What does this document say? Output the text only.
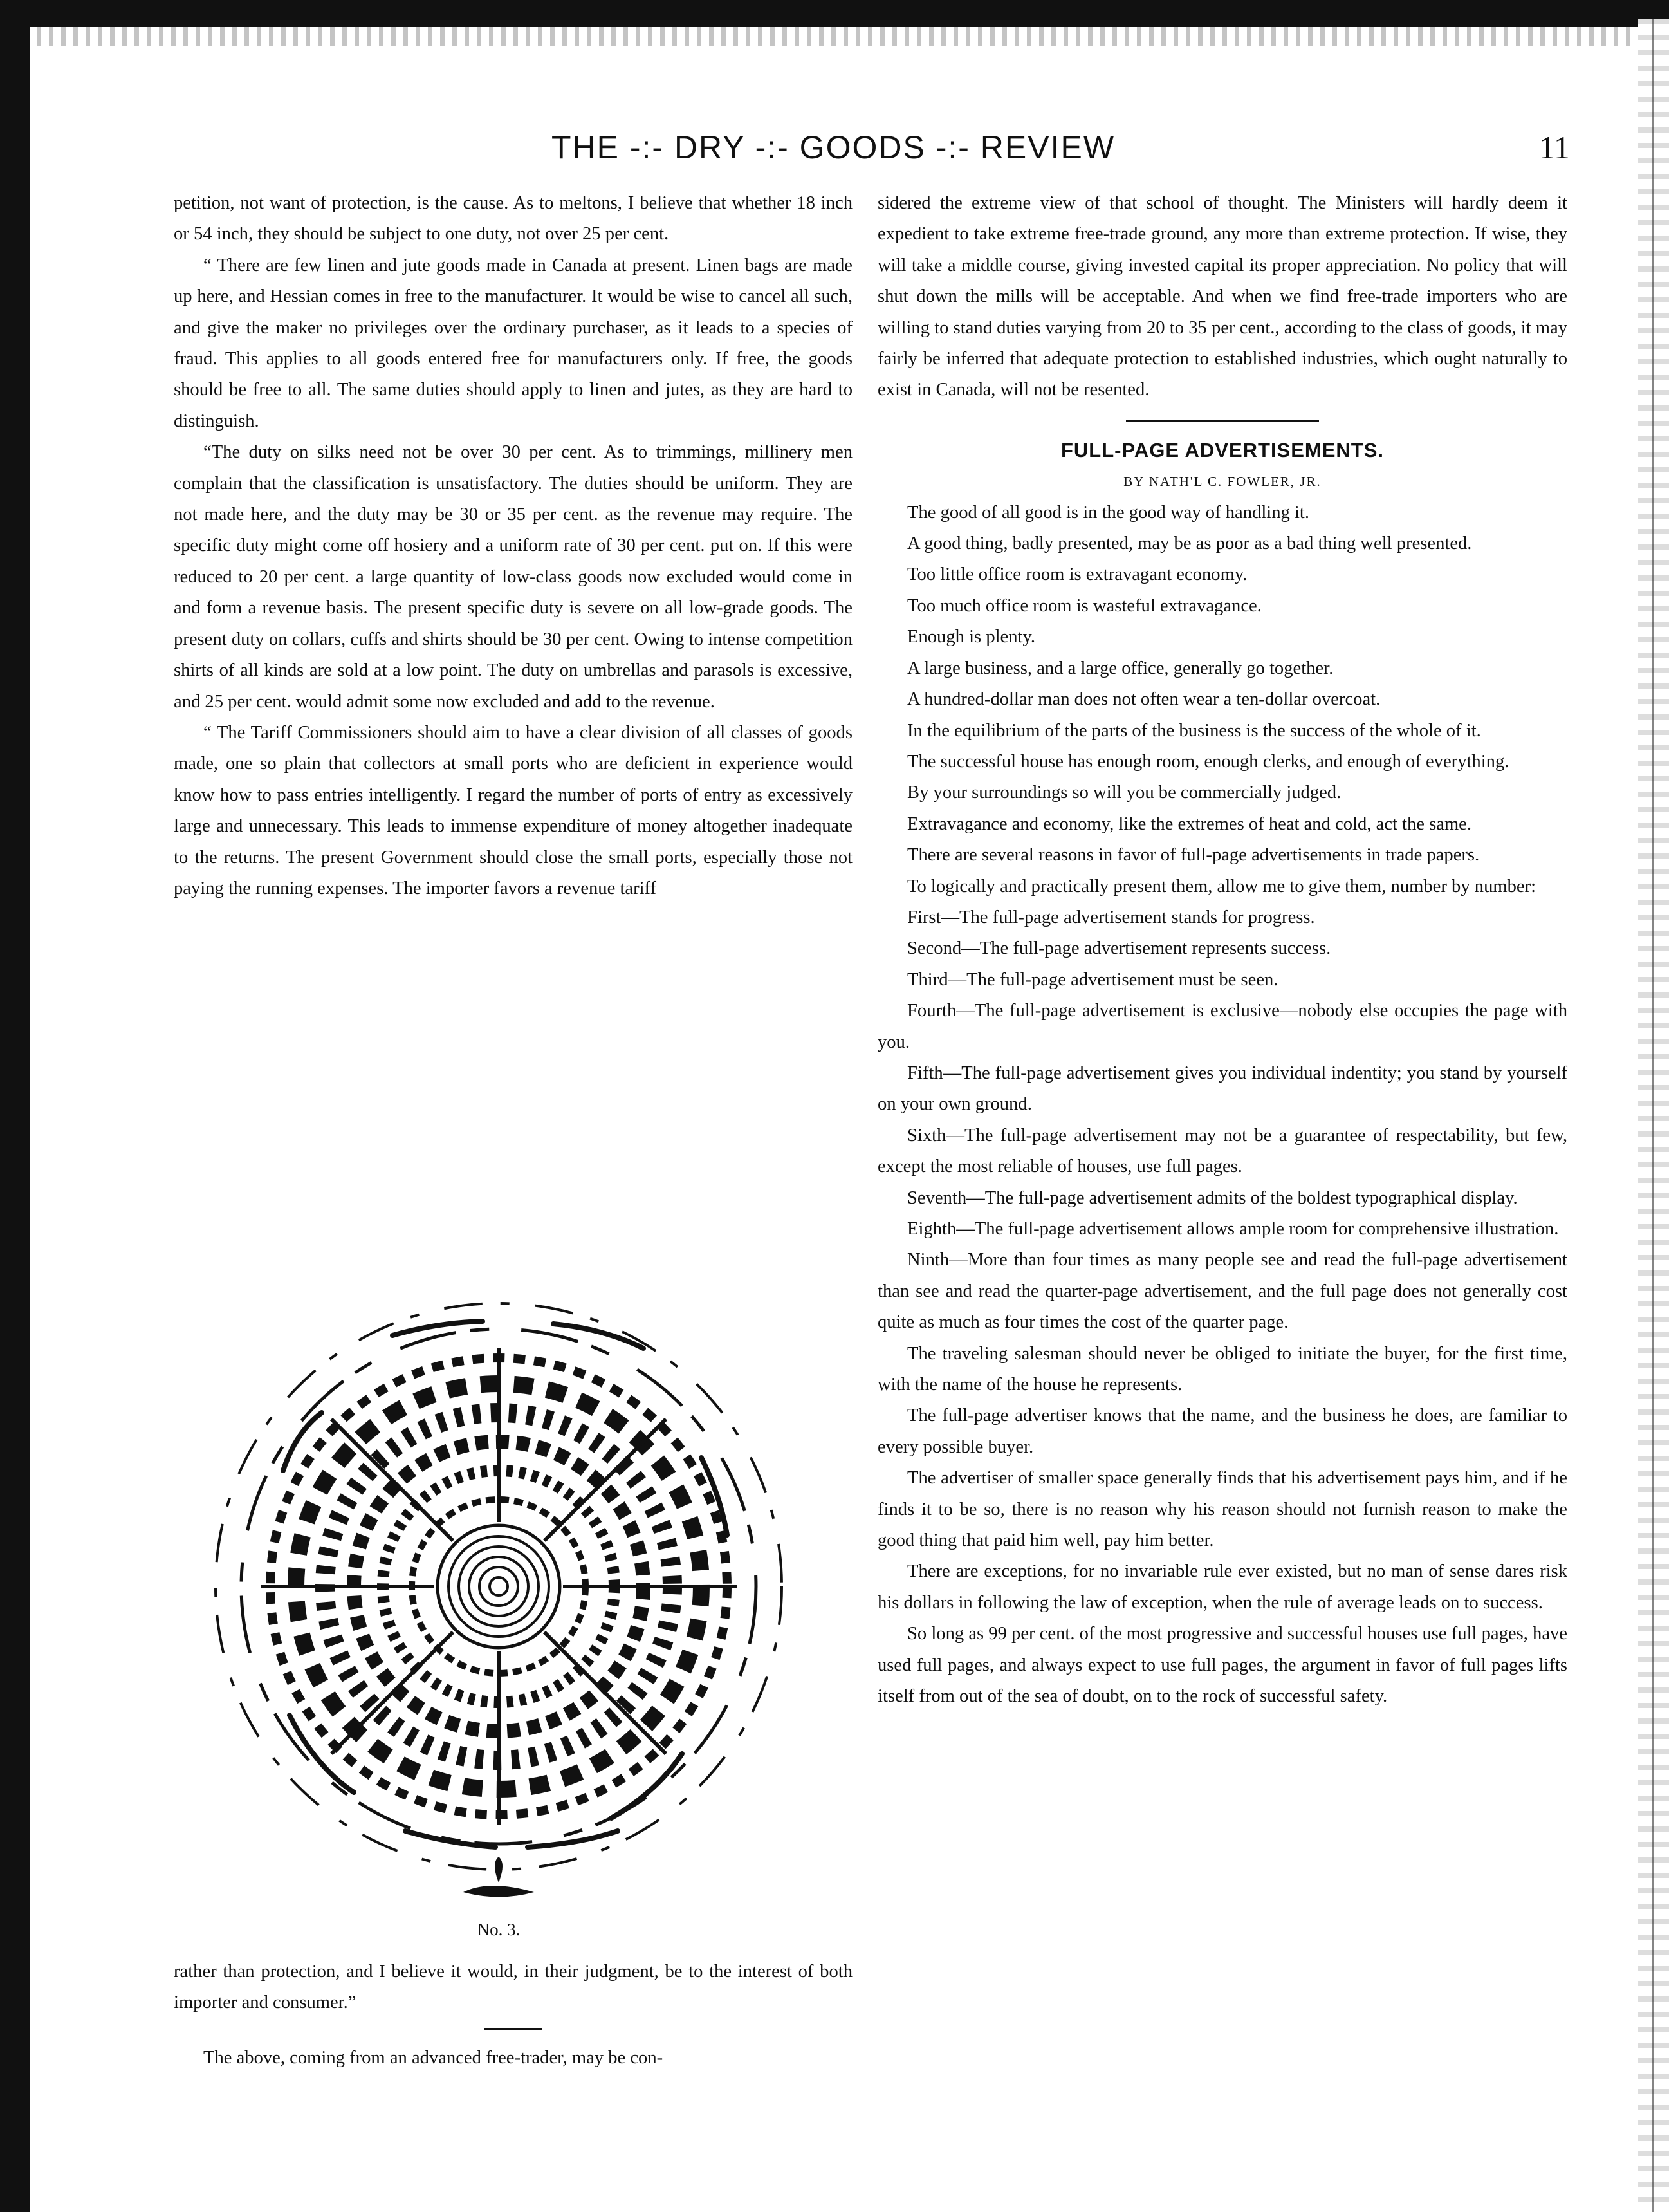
THE -:- DRY -:- GOODS -:- REVIEW	11

petition, not want of protection, is the cause. As to meltons, I believe that whether 18 inch or 54 inch, they should be subject to one duty, not over 25 per cent.

“ There are few linen and jute goods made in Canada at present. Linen bags are made up here, and Hessian comes in free to the manufacturer. It would be wise to cancel all such, and give the maker no privileges over the ordinary purchaser, as it leads to a species of fraud. This applies to all goods entered free for manufacturers only. If free, the goods should be free to all. The same duties should apply to linen and jutes, as they are hard to distinguish.

“The duty on silks need not be over 30 per cent. As to trimmings, millinery men complain that the classification is unsatisfactory. The duties should be uniform. They are not made here, and the duty may be 30 or 35 per cent. as the revenue may require. The specific duty might come off hosiery and a uniform rate of 30 per cent. put on. If this were reduced to 20 per cent. a large quantity of low-class goods now excluded would come in and form a revenue basis. The present specific duty is severe on all low-grade goods. The present duty on collars, cuffs and shirts should be 30 per cent. Owing to intense competition shirts of all kinds are sold at a low point. The duty on umbrellas and parasols is excessive, and 25 per cent. would admit some now excluded and add to the revenue.

“ The Tariff Commissioners should aim to have a clear division of all classes of goods made, one so plain that collectors at small ports who are deficient in experience would know how to pass entries intelligently. I regard the number of ports of entry as excessively large and unnecessary. This leads to immense expenditure of money altogether inadequate to the returns. The present Government should close the small ports, especially those not paying the running expenses. The importer favors a revenue tariff

No. 3.

rather than protection, and I believe it would, in their judgment, be to the interest of both importer and consumer.”

The above, coming from an advanced free-trader, may be con-

sidered the extreme view of that school of thought. The Ministers will hardly deem it expedient to take extreme free-trade ground, any more than extreme protection. If wise, they will take a middle course, giving invested capital its proper appreciation. No policy that will shut down the mills will be acceptable. And when we find free-trade importers who are willing to stand duties varying from 20 to 35 per cent., according to the class of goods, it may fairly be inferred that adequate protection to established industries, which ought naturally to exist in Canada, will not be resented.

FULL-PAGE ADVERTISEMENTS.

BY NATH'L C. FOWLER, JR.

The good of all good is in the good way of handling it.

A good thing, badly presented, may be as poor as a bad thing well presented.

Too little office room is extravagant economy.

Too much office room is wasteful extravagance.

Enough is plenty.

A large business, and a large office, generally go together.

A hundred-dollar man does not often wear a ten-dollar overcoat.

In the equilibrium of the parts of the business is the success of the whole of it.

The successful house has enough room, enough clerks, and enough of everything.

By your surroundings so will you be commercially judged.

Extravagance and economy, like the extremes of heat and cold, act the same.

There are several reasons in favor of full-page advertisements in trade papers.

To logically and practically present them, allow me to give them, number by number:

First—The full-page advertisement stands for progress.

Second—The full-page advertisement represents success.

Third—The full-page advertisement must be seen.

Fourth—The full-page advertisement is exclusive—nobody else occupies the page with you.

Fifth—The full-page advertisement gives you individual indentity; you stand by yourself on your own ground.

Sixth—The full-page advertisement may not be a guarantee of respectability, but few, except the most reliable of houses, use full pages.

Seventh—The full-page advertisement admits of the boldest typographical display.

Eighth—The full-page advertisement allows ample room for comprehensive illustration.

Ninth—More than four times as many people see and read the full-page advertisement than see and read the quarter-page advertisement, and the full page does not generally cost quite as much as four times the cost of the quarter page.

The traveling salesman should never be obliged to initiate the buyer, for the first time, with the name of the house he represents.

The full-page advertiser knows that the name, and the business he does, are familiar to every possible buyer.

The advertiser of smaller space generally finds that his advertisement pays him, and if he finds it to be so, there is no reason why his reason should not furnish reason to make the good thing that paid him well, pay him better.

There are exceptions, for no invariable rule ever existed, but no man of sense dares risk his dollars in following the law of exception, when the rule of average leads on to success.

So long as 99 per cent. of the most progressive and successful houses use full pages, have used full pages, and always expect to use full pages, the argument in favor of full pages lifts itself from out of the sea of doubt, on to the rock of successful safety.
